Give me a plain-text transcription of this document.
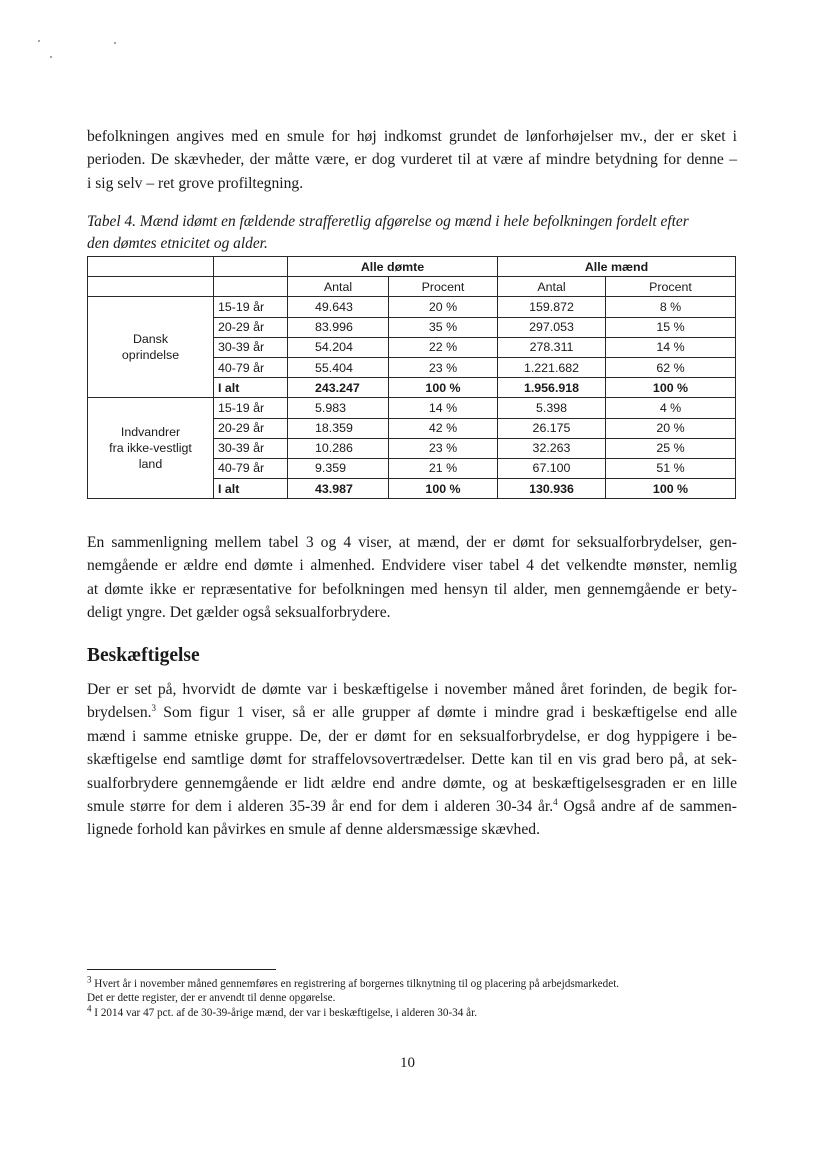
befolkningen angives med en smule for høj indkomst grundet de lønforhøjelser mv., der er sket i
perioden. De skævheder, der måtte være, er dog vurderet til at være af mindre betydning for denne –
i sig selv – ret grove profiltegning.
Tabel 4. Mænd idømt en fældende strafferetlig afgørelse og mænd i hele befolkningen fordelt efter
den dømtes etnicitet og alder.
		Alle dømte		Alle mænd	
		Antal	Procent	Antal	Procent
Dansk
oprindelse	15-19 år	49.643	20 %	159.872	8 %
	20-29 år	83.996	35 %	297.053	15 %
	30-39 år	54.204	22 %	278.311	14 %
	40-79 år	55.404	23 %	1.221.682	62 %
	I alt	243.247	100 %	1.956.918	100 %
Indvandrer
fra ikke-vestligt
land	15-19 år	5.983	14 %	5.398	4 %
	20-29 år	18.359	42 %	26.175	20 %
	30-39 år	10.286	23 %	32.263	25 %
	40-79 år	9.359	21 %	67.100	51 %
	I alt	43.987	100 %	130.936	100 %
En sammenligning mellem tabel 3 og 4 viser, at mænd, der er dømt for seksualforbrydelser, gen-
nemgående er ældre end dømte i almenhed. Endvidere viser tabel 4 det velkendte mønster, nemlig
at dømte ikke er repræsentative for befolkningen med hensyn til alder, men gennemgående er bety-
deligt yngre. Det gælder også seksualforbrydere.
Beskæftigelse
Der er set på, hvorvidt de dømte var i beskæftigelse i november måned året forinden, de begik for-
brydelsen.$^3$ Som figur 1 viser, så er alle grupper af dømte i mindre grad i beskæftigelse end alle
mænd i samme etniske gruppe. De, der er dømt for en seksualforbrydelse, er dog hyppigere i be-
skæftigelse end samtlige dømt for straffelovsovertrædelser. Dette kan til en vis grad bero på, at sek-
sualforbrydere gennemgående er lidt ældre end andre dømte, og at beskæftigelsesgraden er en lille
smule større for dem i alderen 35-39 år end for dem i alderen 30-34 år.$^4$ Også andre af de sammen-
lignede forhold kan påvirkes en smule af denne aldersmæssige skævhed.
$^3$ Hvert år i november måned gennemføres en registrering af borgernes tilknytning til og placering på arbejdsmarkedet.
Det er dette register, der er anvendt til denne opgørelse.
$^4$ I 2014 var 47 pct. af de 30-39-årige mænd, der var i beskæftigelse, i alderen 30-34 år.
10
